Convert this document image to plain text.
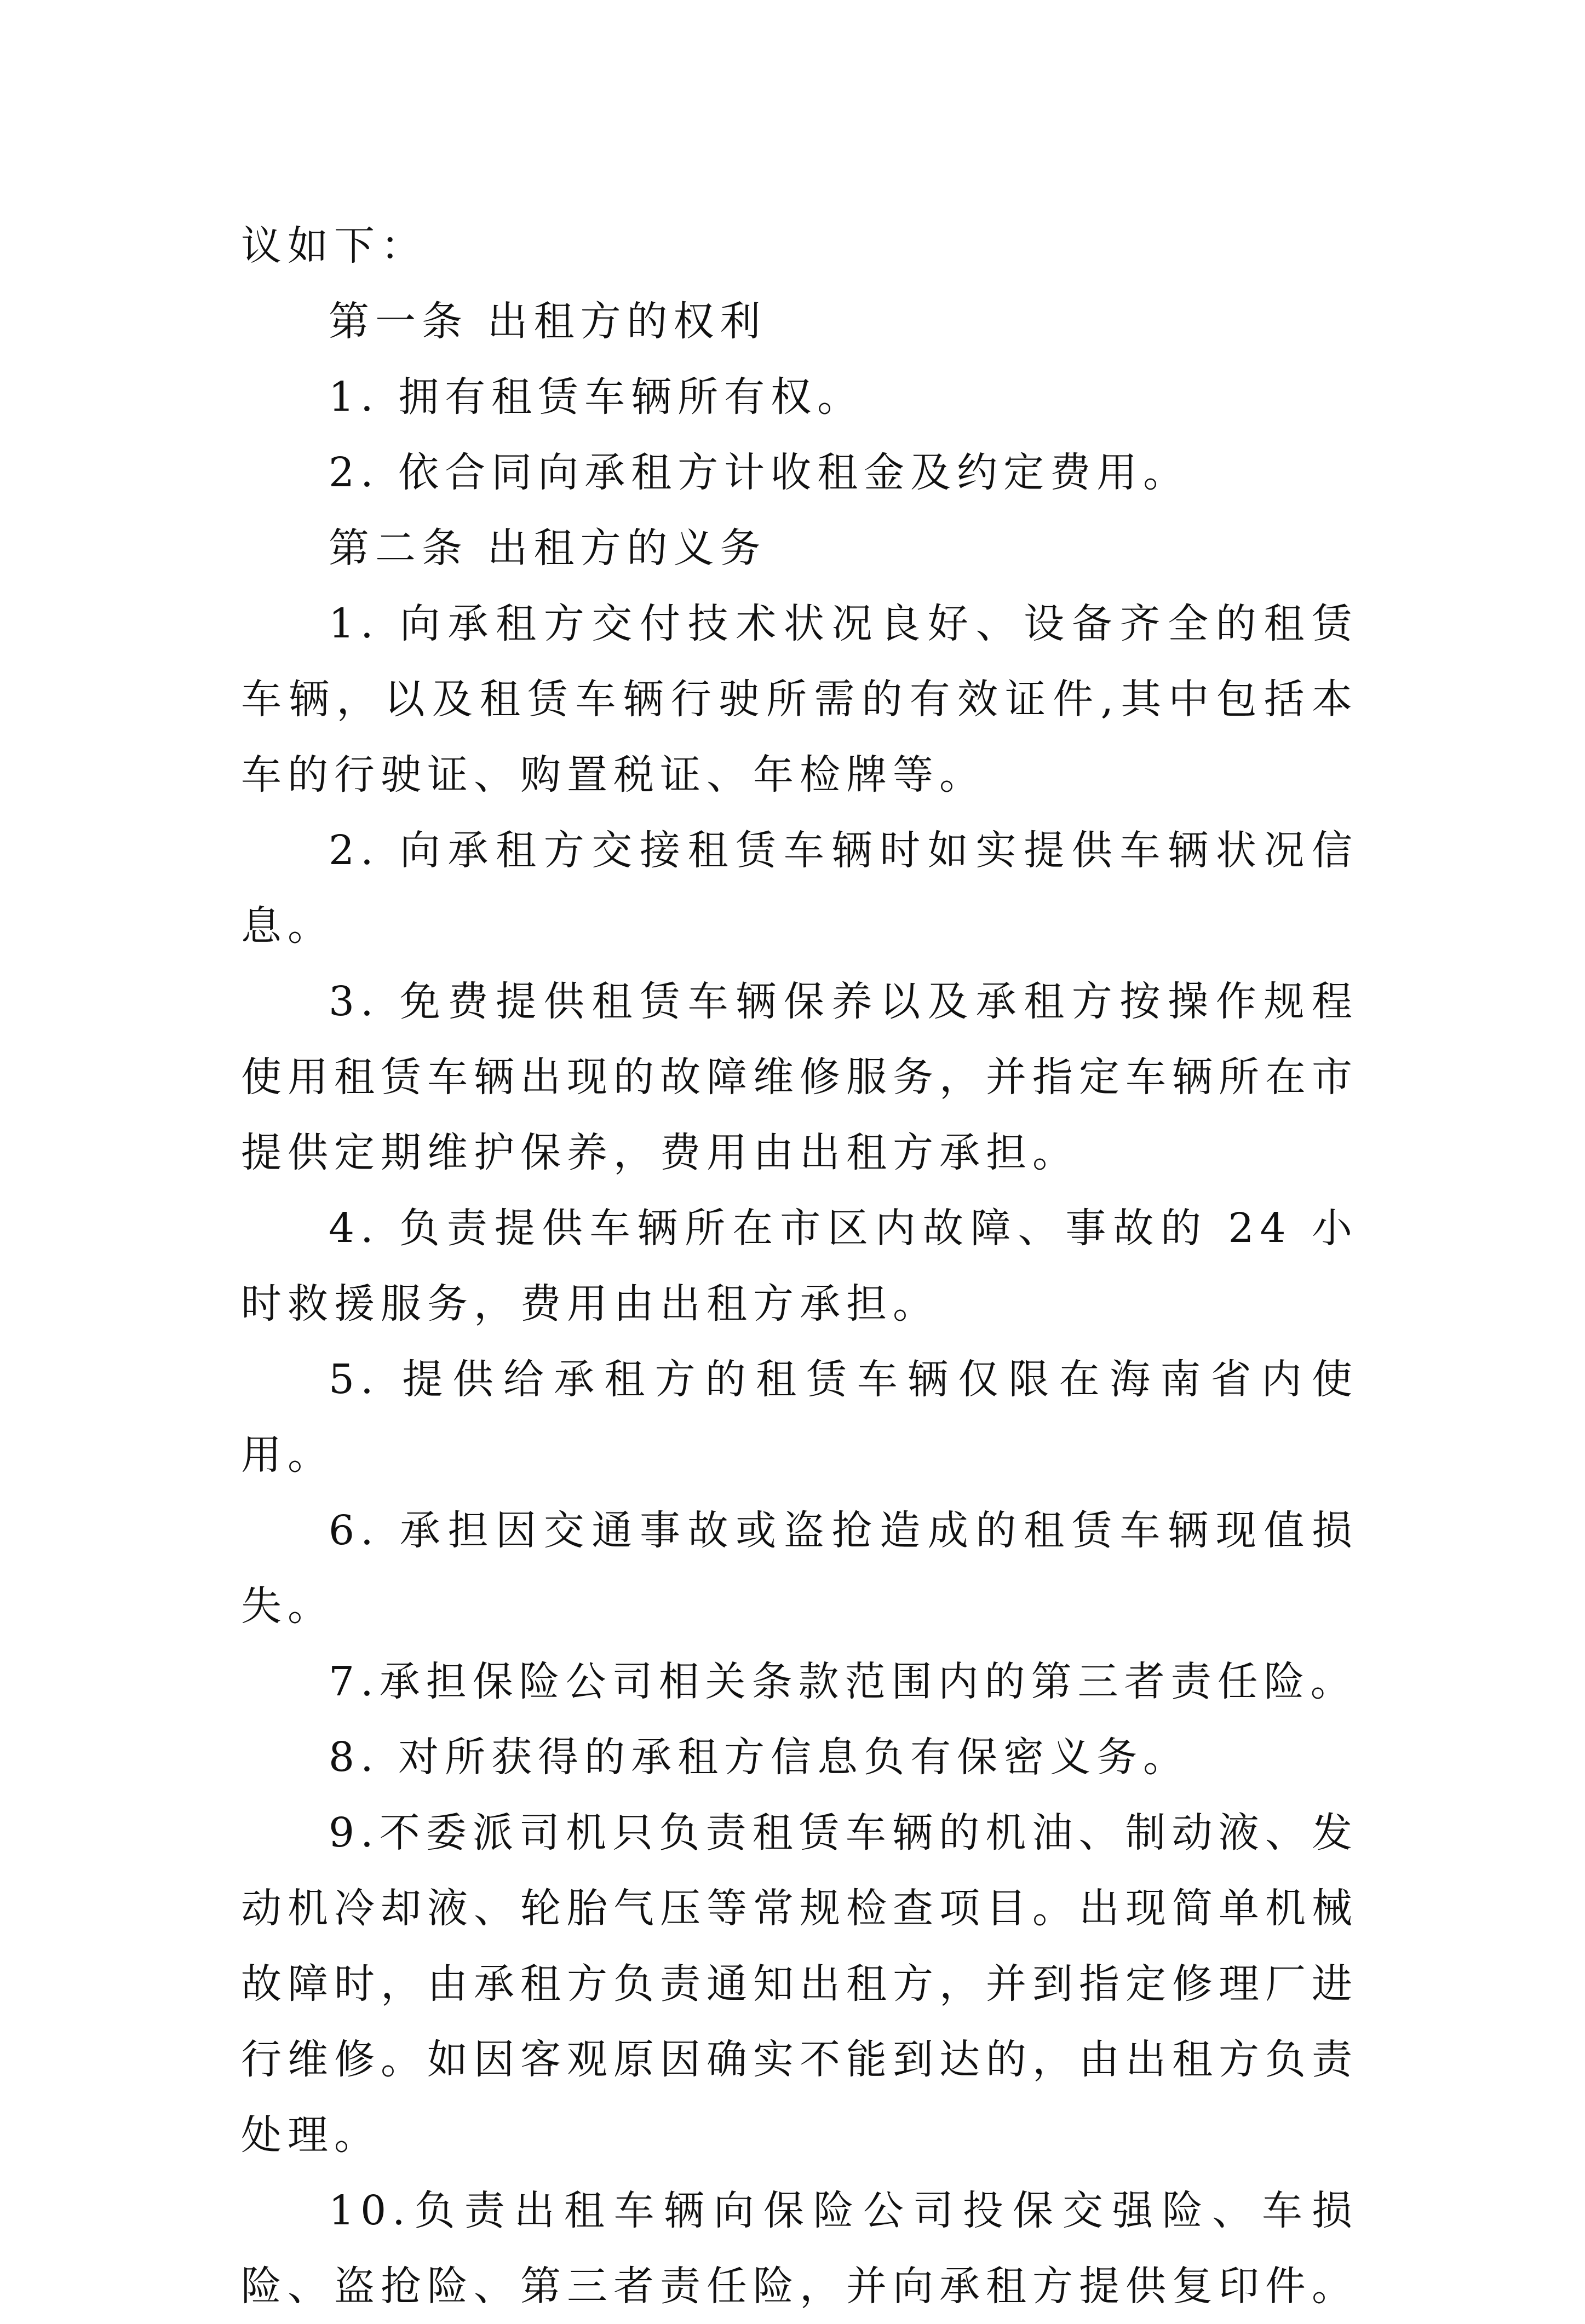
议如下：

第一条 出租方的权利

1. 拥有租赁车辆所有权。

2. 依合同向承租方计收租金及约定费用。

第二条 出租方的义务

1. 向承租方交付技术状况良好、设备齐全的租赁车辆，以及租赁车辆行驶所需的有效证件,其中包括本车的行驶证、购置税证、年检牌等。

2. 向承租方交接租赁车辆时如实提供车辆状况信息。

3. 免费提供租赁车辆保养以及承租方按操作规程使用租赁车辆出现的故障维修服务，并指定车辆所在市提供定期维护保养，费用由出租方承担。

4. 负责提供车辆所在市区内故障、事故的 24 小时救援服务，费用由出租方承担。

5. 提供给承租方的租赁车辆仅限在海南省内使用。

6. 承担因交通事故或盗抢造成的租赁车辆现值损失。

7.承担保险公司相关条款范围内的第三者责任险。

8. 对所获得的承租方信息负有保密义务。

9.不委派司机只负责租赁车辆的机油、制动液、发动机冷却液、轮胎气压等常规检查项目。出现简单机械故障时，由承租方负责通知出租方，并到指定修理厂进行维修。如因客观原因确实不能到达的，由出租方负责处理。

10.负责出租车辆向保险公司投保交强险、车损险、盗抢险、第三者责任险，并向承租方提供复印件。
